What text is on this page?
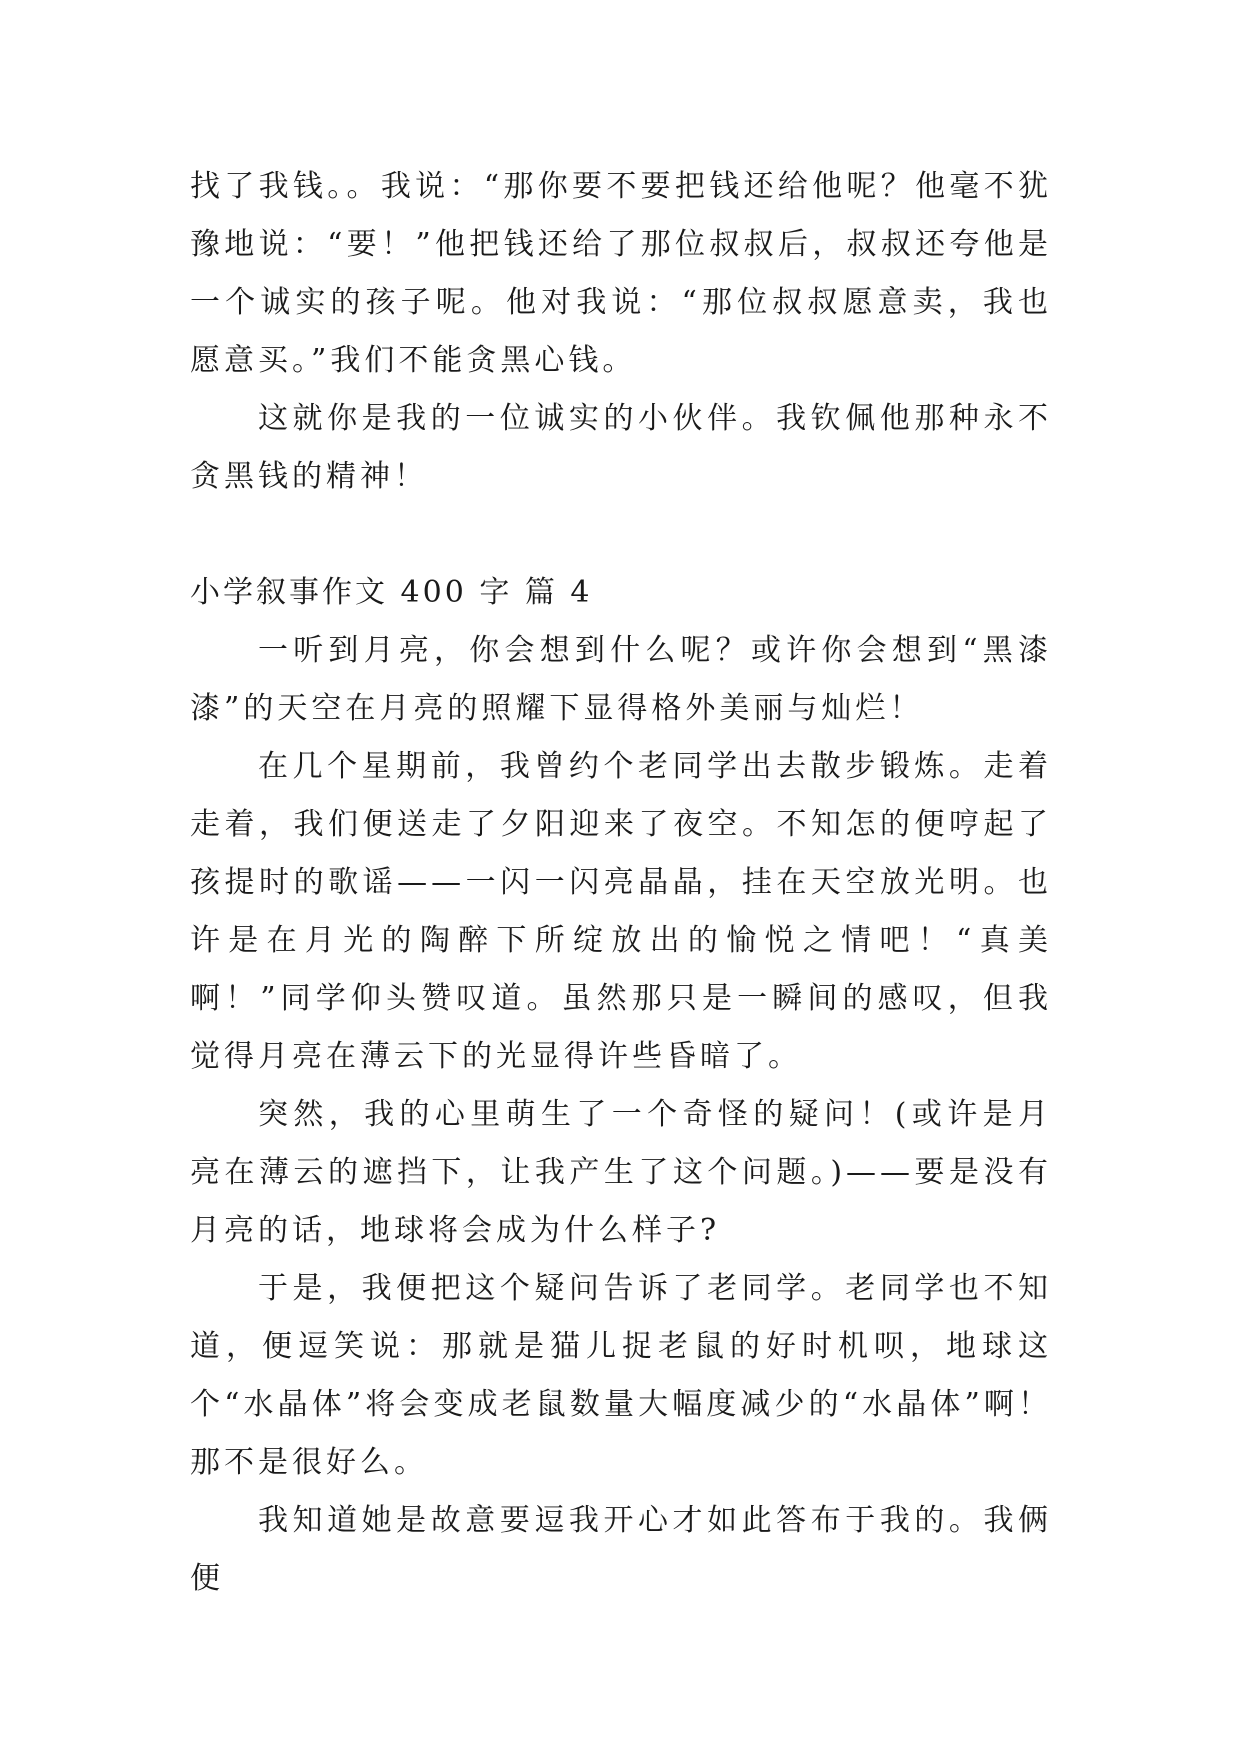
找了我钱。。我说：“那你要不要把钱还给他呢？他毫不犹豫地说：“要！”他把钱还给了那位叔叔后，叔叔还夸他是一个诚实的孩子呢。他对我说：“那位叔叔愿意卖，我也愿意买。”我们不能贪黑心钱。

这就你是我的一位诚实的小伙伴。我钦佩他那种永不贪黑钱的精神！

小学叙事作文 400 字 篇 4

一听到月亮，你会想到什么呢？或许你会想到“黑漆漆”的天空在月亮的照耀下显得格外美丽与灿烂！

在几个星期前，我曾约个老同学出去散步锻炼。走着走着，我们便送走了夕阳迎来了夜空。不知怎的便哼起了孩提时的歌谣——一闪一闪亮晶晶，挂在天空放光明。也许是在月光的陶醉下所绽放出的愉悦之情吧！“真美啊！”同学仰头赞叹道。虽然那只是一瞬间的感叹，但我觉得月亮在薄云下的光显得许些昏暗了。

突然，我的心里萌生了一个奇怪的疑问！(或许是月亮在薄云的遮挡下，让我产生了这个问题。)——要是没有月亮的话，地球将会成为什么样子?

于是，我便把这个疑问告诉了老同学。老同学也不知道，便逗笑说：那就是猫儿捉老鼠的好时机呗，地球这个“水晶体”将会变成老鼠数量大幅度减少的“水晶体”啊！那不是很好么。

我知道她是故意要逗我开心才如此答布于我的。我俩便
